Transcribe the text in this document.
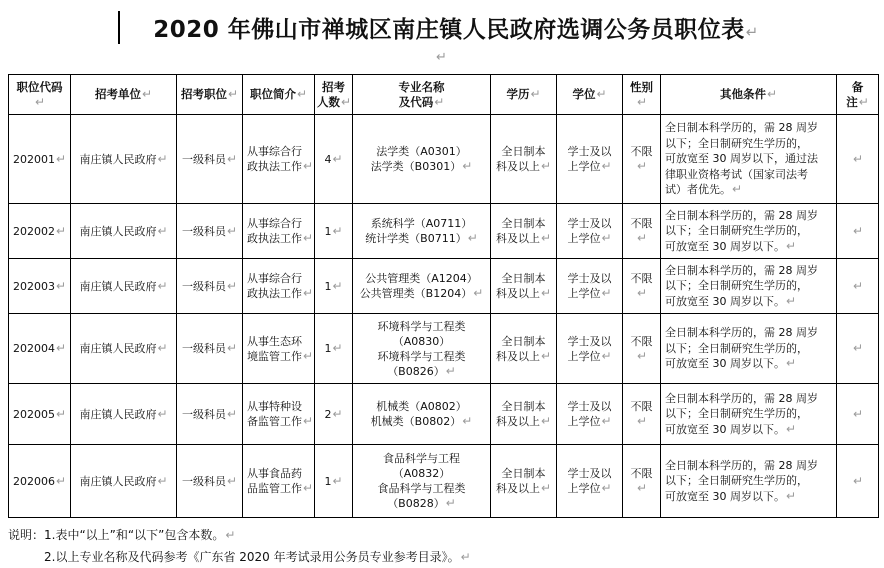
2020 年佛山市禅城区南庄镇人民政府选调公务员职位表↵
↵
职位代码↵	招考单位↵	招考职位↵	职位简介↵	招考
人数↵	专业名称
及代码↵	学历↵	学位↵	性别↵	其他条件↵	备
注↵

202001↵	南庄镇人民政府↵	一级科员↵	从事综合行
政执法工作↵	4↵	法学类（A0301）
法学类（B0301）↵	全日制本
科及以上↵	学士及以
上学位↵	不限↵	全日制本科学历的，需 28 周岁
以下；全日制研究生学历的，
可放宽至 30 周岁以下，通过法
律职业资格考试（国家司法考
试）者优先。↵	↵
202002↵	南庄镇人民政府↵	一级科员↵	从事综合行
政执法工作↵	1↵	系统科学（A0711）
统计学类（B0711）↵	全日制本
科及以上↵	学士及以
上学位↵	不限↵	全日制本科学历的，需 28 周岁
以下；全日制研究生学历的，
可放宽至 30 周岁以下。↵	↵
202003↵	南庄镇人民政府↵	一级科员↵	从事综合行
政执法工作↵	1↵	公共管理类（A1204）
公共管理类（B1204）↵	全日制本
科及以上↵	学士及以
上学位↵	不限↵	全日制本科学历的，需 28 周岁
以下；全日制研究生学历的，
可放宽至 30 周岁以下。↵	↵
202004↵	南庄镇人民政府↵	一级科员↵	从事生态环
境监管工作↵	1↵	环境科学与工程类
（A0830）
环境科学与工程类
（B0826）↵	全日制本
科及以上↵	学士及以
上学位↵	不限↵	全日制本科学历的，需 28 周岁
以下；全日制研究生学历的，
可放宽至 30 周岁以下。↵	↵
202005↵	南庄镇人民政府↵	一级科员↵	从事特种设
备监管工作↵	2↵	机械类（A0802）
机械类（B0802）↵	全日制本
科及以上↵	学士及以
上学位↵	不限↵	全日制本科学历的，需 28 周岁
以下；全日制研究生学历的，
可放宽至 30 周岁以下。↵	↵
202006↵	南庄镇人民政府↵	一级科员↵	从事食品药
品监管工作↵	1↵	食品科学与工程
（A0832）
食品科学与工程类
（B0828）↵	全日制本
科及以上↵	学士及以
上学位↵	不限↵	全日制本科学历的，需 28 周岁
以下；全日制研究生学历的，
可放宽至 30 周岁以下。↵	↵
说明：1.表中“以上”和“以下”包含本数。↵
2.以上专业名称及代码参考《广东省 2020 年考试录用公务员专业参考目录》。↵
